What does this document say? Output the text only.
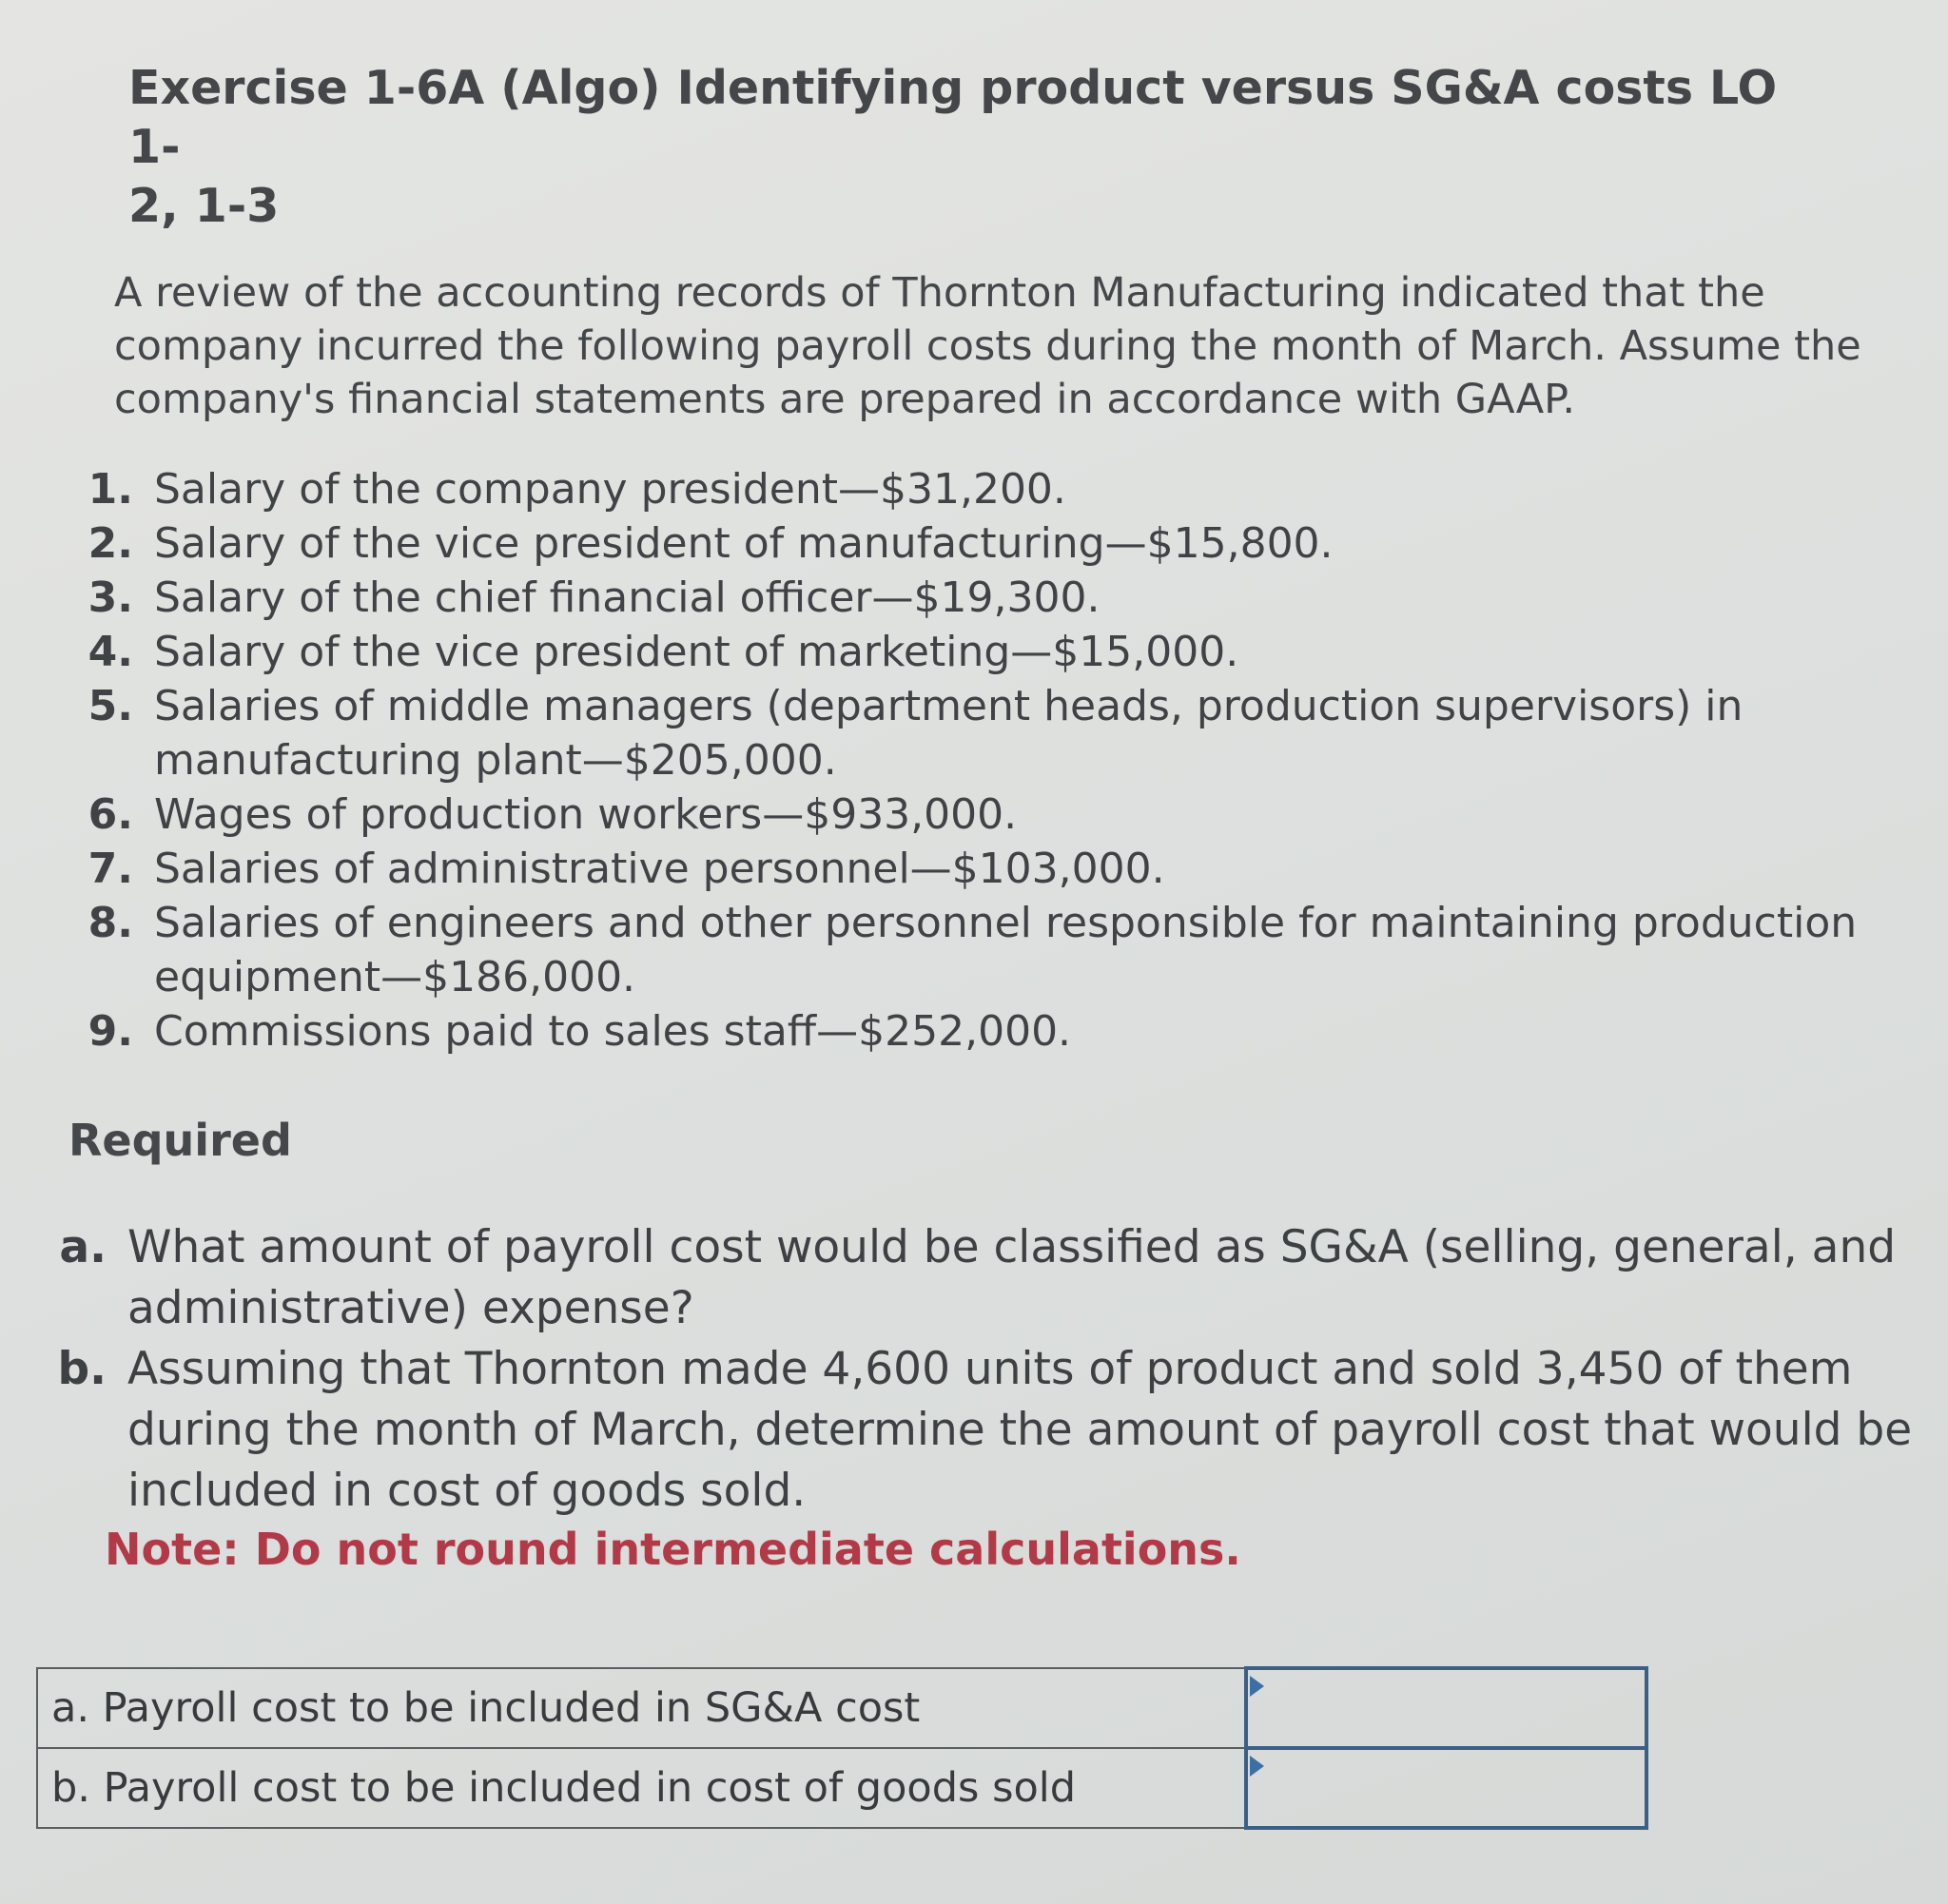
Exercise 1-6A (Algo) Identifying product versus SG&A costs LO 1-
2, 1-3
A review of the accounting records of Thornton Manufacturing indicated that the company incurred the following payroll costs during the month of March. Assume the company's financial statements are prepared in accordance with GAAP.
1. Salary of the company president—$31,200.
2. Salary of the vice president of manufacturing—$15,800.
3. Salary of the chief financial officer—$19,300.
4. Salary of the vice president of marketing—$15,000.
5. Salaries of middle managers (department heads, production supervisors) in manufacturing plant—$205,000.
6. Wages of production workers—$933,000.
7. Salaries of administrative personnel—$103,000.
8. Salaries of engineers and other personnel responsible for maintaining production equipment—$186,000.
9. Commissions paid to sales staff—$252,000.
Required
a. What amount of payroll cost would be classified as SG&A (selling, general, and administrative) expense?
b. Assuming that Thornton made 4,600 units of product and sold 3,450 of them during the month of March, determine the amount of payroll cost that would be included in cost of goods sold.
Note: Do not round intermediate calculations.
a. Payroll cost to be included in SG&A cost	

b. Payroll cost to be included in cost of goods sold	
